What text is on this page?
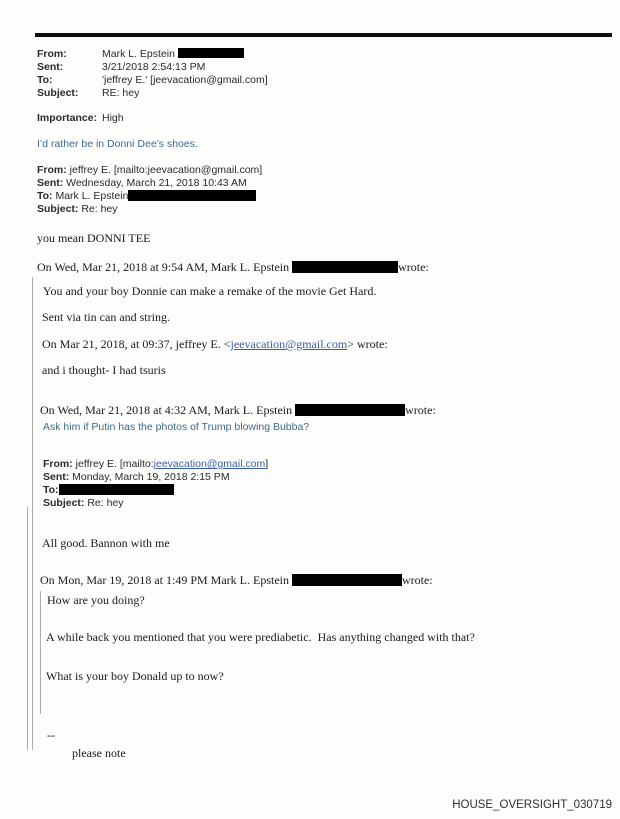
From:	Mark L. Epstein
Sent:	3/21/2018 2:54:13 PM
To:	'jeffrey E.' [jeevacation@gmail.com]
Subject: RE: hey
Importance: High
I’d rather be in Donni Dee’s shoes.
From: jeffrey E. [mailto:jeevacation@gmail.com]
Sent: Wednesday, March 21, 2018 10:43 AM
To: Mark L. Epstein
Subject: Re: hey
you mean DONNI TEE
On Wed, Mar 21, 2018 at 9:54 AM, Mark L. Epstein	wrote:
You and your boy Donnie can make a remake of the movie Get Hard.
Sent via tin can and string.
On Mar 21, 2018, at 09:37, jeffrey E. <jeevacation@gmail.com> wrote:
and i thought- I had tsuris
On Wed, Mar 21, 2018 at 4:32 AM, Mark L. Epstein	wrote:
Ask him if Putin has the photos of Trump blowing Bubba?
From: jeffrey E. [mailto:jeevacation@gmail.com]
Sent: Monday, March 19, 2018 2:15 PM
To:
Subject: Re: hey
All good. Bannon with me
On Mon, Mar 19, 2018 at 1:49 PM Mark L. Epstein	wrote:
How are you doing?
A while back you mentioned that you were prediabetic.  Has anything changed with that?
What is your boy Donald up to now?
--
please note
HOUSE_OVERSIGHT_030719
